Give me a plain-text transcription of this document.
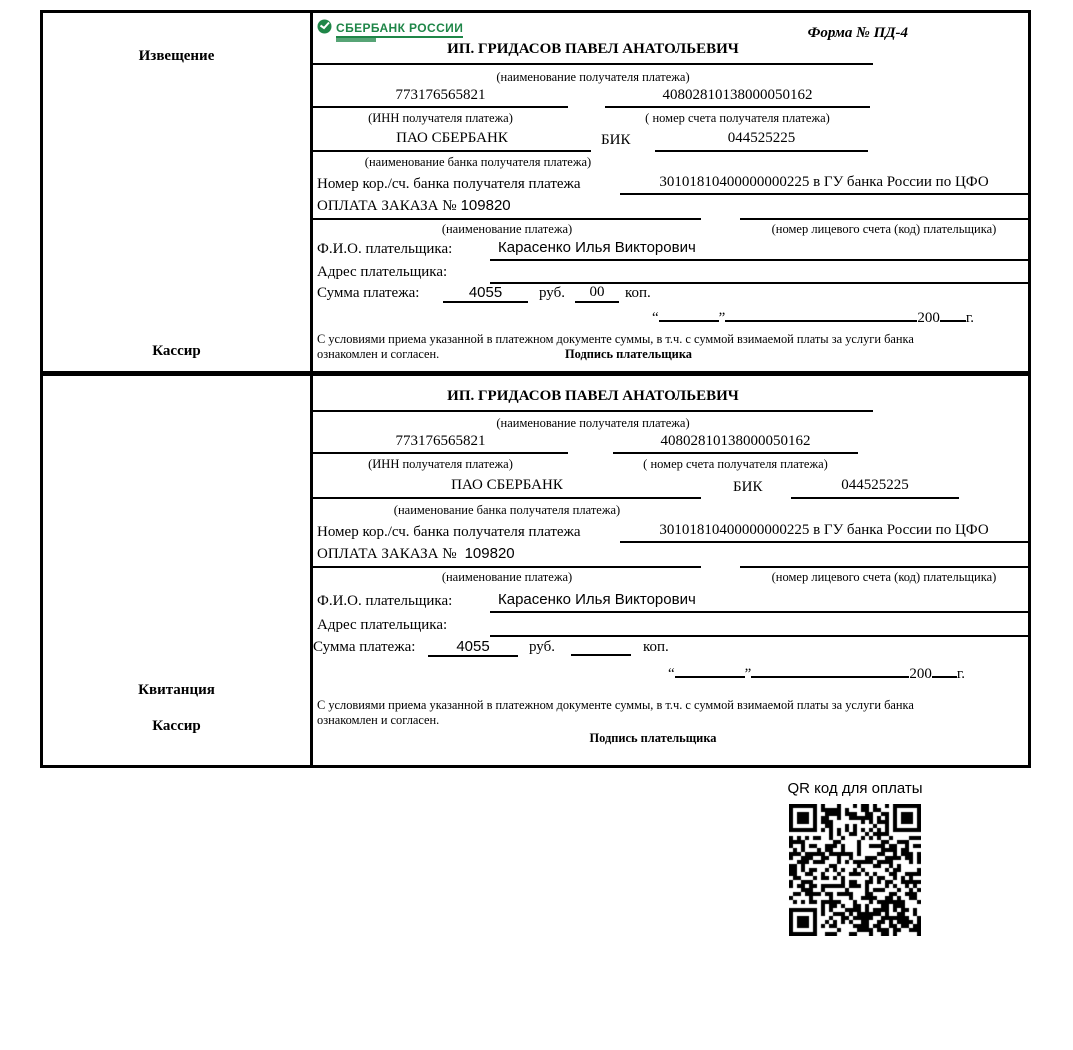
Извещение
Кассир
СБЕРБАНК РОССИИ	Форма № ПД-4
ИП. ГРИДАСОВ ПАВЕЛ АНАТОЛЬЕВИЧ
(наименование получателя платежа)
773176565821	40802810138000050162
(ИНН получателя платежа)	( номер счета получателя платежа)
ПАО СБЕРБАНК	БИК	044525225
(наименование банка получателя платежа)
Номер кор./сч. банка получателя платежа	30101810400000000225 в ГУ банка России по ЦФО
ОПЛАТА ЗАКАЗА № 109820
(наименование платежа)	(номер лицевого счета (код) плательщика)
Ф.И.О. плательщика:	Карасенко Илья Викторович
Адрес плательщика:
Сумма платежа:	4055	руб.	00	коп.
“	”	200 г.
С условиями приема указанной в платежном документе суммы, в т.ч. с суммой взимаемой платы за услуги банка
ознакомлен и согласен.	Подпись плательщика
Квитанция
Кассир
ИП. ГРИДАСОВ ПАВЕЛ АНАТОЛЬЕВИЧ
(наименование получателя платежа)
773176565821	40802810138000050162
(ИНН получателя платежа)	( номер счета получателя платежа)
ПАО СБЕРБАНК	БИК	044525225
(наименование банка получателя платежа)
Номер кор./сч. банка получателя платежа	30101810400000000225 в ГУ банка России по ЦФО
ОПЛАТА ЗАКАЗА № 109820
(наименование платежа)	(номер лицевого счета (код) плательщика)
Ф.И.О. плательщика:	Карасенко Илья Викторович
Адрес плательщика:
Сумма платежа:	4055	руб.	коп.
“	”	200 г.
С условиями приема указанной в платежном документе суммы, в т.ч. с суммой взимаемой платы за услуги банка
ознакомлен и согласен.
Подпись плательщика
QR код для оплаты
